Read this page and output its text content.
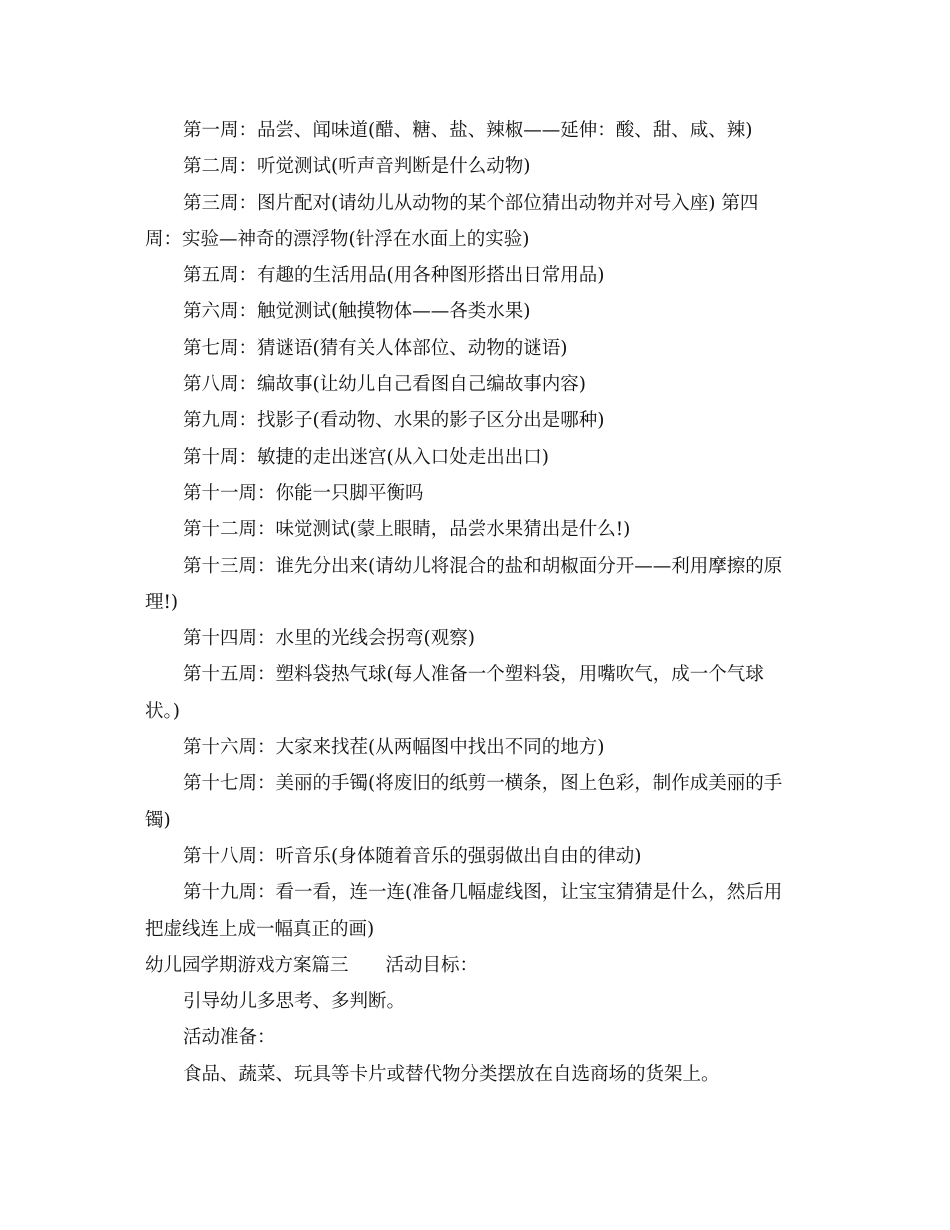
第一周：品尝、闻味道(醋、糖、盐、辣椒——延伸：酸、甜、咸、辣)
第二周：听觉测试(听声音判断是什么动物)
第三周：图片配对(请幼儿从动物的某个部位猜出动物并对号入座) 第四
周：实验—神奇的漂浮物(针浮在水面上的实验)
第五周：有趣的生活用品(用各种图形搭出日常用品)
第六周：触觉测试(触摸物体——各类水果)
第七周：猜谜语(猜有关人体部位、动物的谜语)
第八周：编故事(让幼儿自己看图自己编故事内容)
第九周：找影子(看动物、水果的影子区分出是哪种)
第十周：敏捷的走出迷宫(从入口处走出出口)
第十一周：你能一只脚平衡吗
第十二周：味觉测试(蒙上眼睛，品尝水果猜出是什么!)
第十三周：谁先分出来(请幼儿将混合的盐和胡椒面分开——利用摩擦的原
理!)
第十四周：水里的光线会拐弯(观察)
第十五周：塑料袋热气球(每人准备一个塑料袋，用嘴吹气，成一个气球
状。)
第十六周：大家来找茬(从两幅图中找出不同的地方)
第十七周：美丽的手镯(将废旧的纸剪一横条，图上色彩，制作成美丽的手
镯)
第十八周：听音乐(身体随着音乐的强弱做出自由的律动)
第十九周：看一看，连一连(准备几幅虚线图，让宝宝猜猜是什么，然后用
把虚线连上成一幅真正的画)
幼儿园学期游戏方案篇三　　活动目标：
引导幼儿多思考、多判断。
活动准备：
食品、蔬菜、玩具等卡片或替代物分类摆放在自选商场的货架上。
